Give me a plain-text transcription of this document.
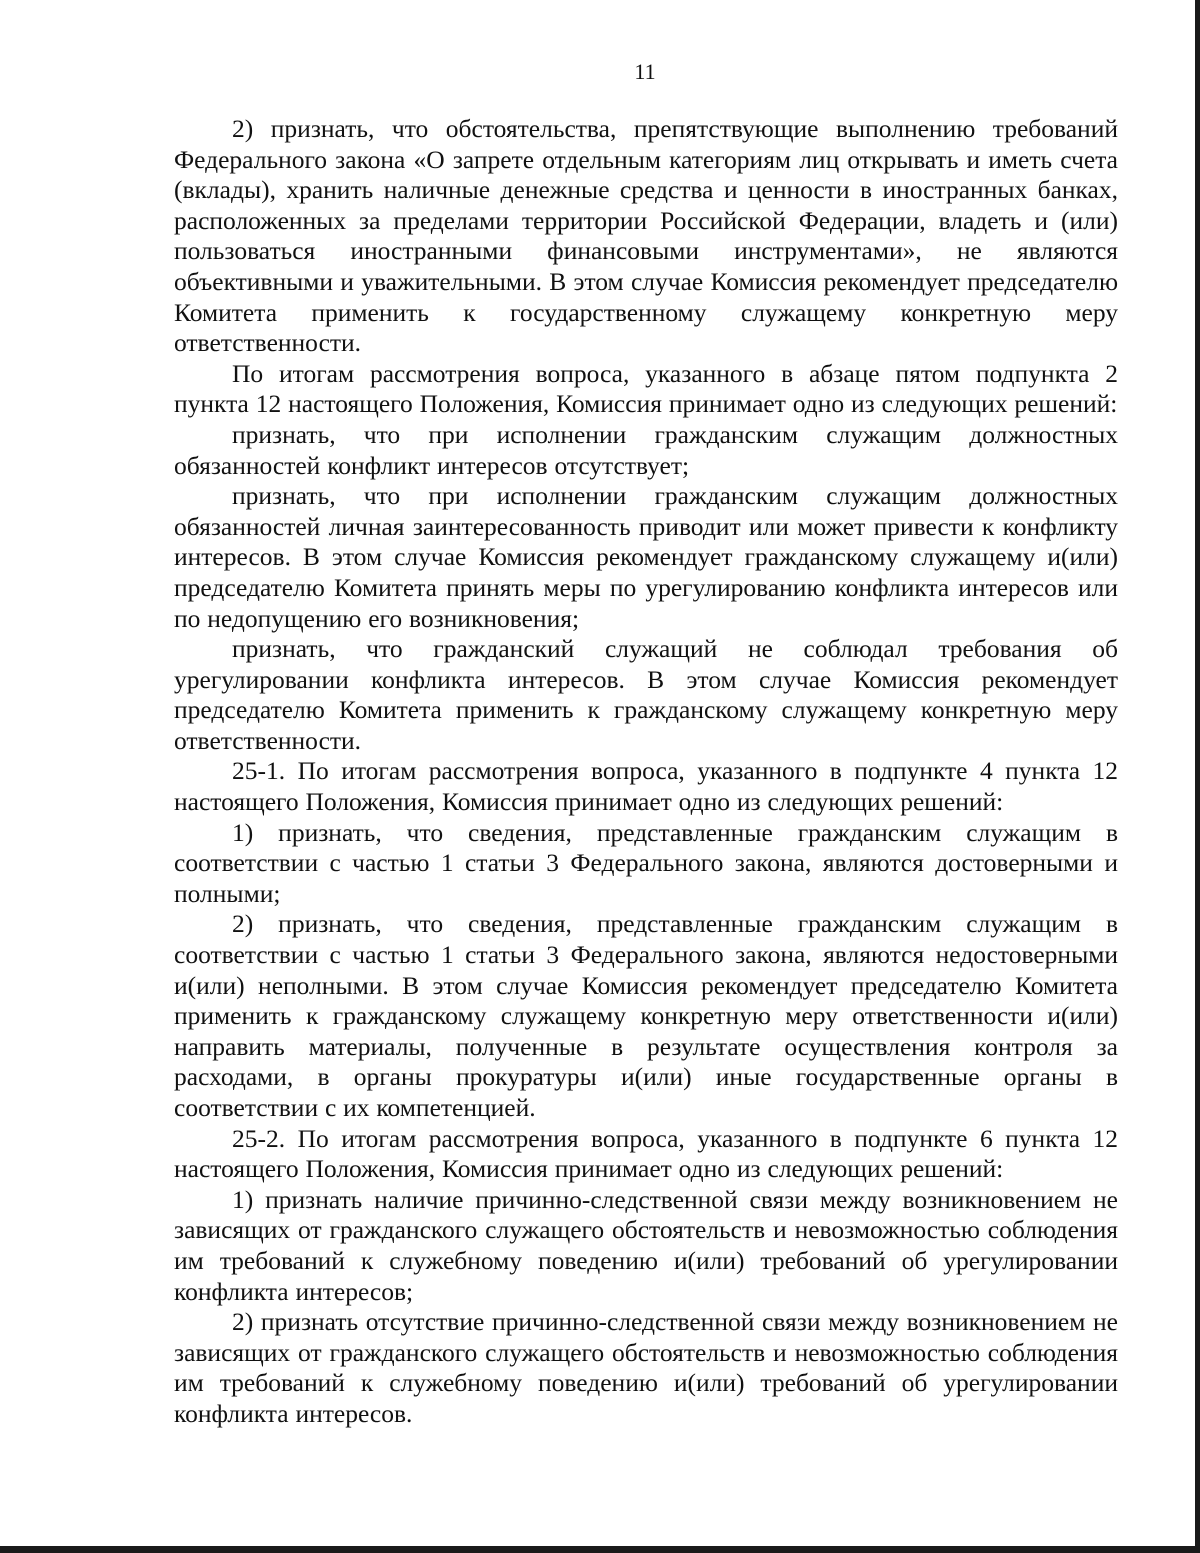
11

2) признать, что обстоятельства, препятствующие выполнению требований Федерального закона «О запрете отдельным категориям лиц открывать и иметь счета (вклады), хранить наличные денежные средства и ценности в иностранных банках, расположенных за пределами территории Российской Федерации, владеть и (или) пользоваться иностранными финансовыми инструментами», не являются объективными и уважительными. В этом случае Комиссия рекомендует председателю Комитета применить к государственному служащему конкретную меру ответственности.

По итогам рассмотрения вопроса, указанного в абзаце пятом подпункта 2 пункта 12 настоящего Положения, Комиссия принимает одно из следующих решений:

признать, что при исполнении гражданским служащим должностных обязанностей конфликт интересов отсутствует;

признать, что при исполнении гражданским служащим должностных обязанностей личная заинтересованность приводит или может привести к конфликту интересов. В этом случае Комиссия рекомендует гражданскому служащему и(или) председателю Комитета принять меры по урегулированию конфликта интересов или по недопущению его возникновения;

признать, что гражданский служащий не соблюдал требования об урегулировании конфликта интересов. В этом случае Комиссия рекомендует председателю Комитета применить к гражданскому служащему конкретную меру ответственности.

25-1. По итогам рассмотрения вопроса, указанного в подпункте 4 пункта 12 настоящего Положения, Комиссия принимает одно из следующих решений:

1) признать, что сведения, представленные гражданским служащим в соответствии с частью 1 статьи 3 Федерального закона, являются достоверными и полными;

2) признать, что сведения, представленные гражданским служащим в соответствии с частью 1 статьи 3 Федерального закона, являются недостоверными и(или) неполными. В этом случае Комиссия рекомендует председателю Комитета применить к гражданскому служащему конкретную меру ответственности и(или) направить материалы, полученные в результате осуществления контроля за расходами, в органы прокуратуры и(или) иные государственные органы в соответствии с их компетенцией.

25-2. По итогам рассмотрения вопроса, указанного в подпункте 6 пункта 12 настоящего Положения, Комиссия принимает одно из следующих решений:

1) признать наличие причинно-следственной связи между возникновением не зависящих от гражданского служащего обстоятельств и невозможностью соблюдения им требований к служебному поведению и(или) требований об урегулировании конфликта интересов;

2) признать отсутствие причинно-следственной связи между возникновением не зависящих от гражданского служащего обстоятельств и невозможностью соблюдения им требований к служебному поведению и(или) требований об урегулировании конфликта интересов.
